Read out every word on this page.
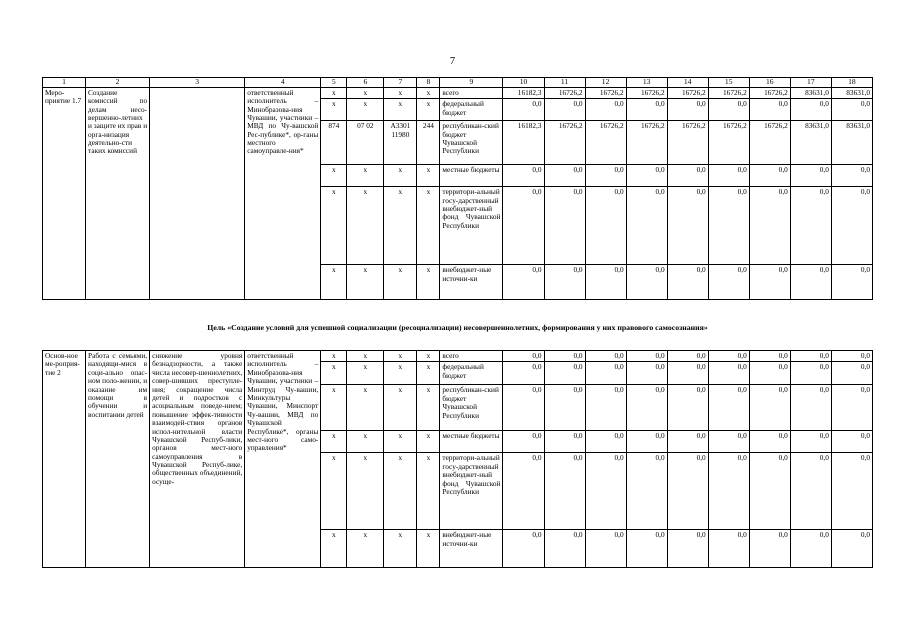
7
1	2	3	4	5	6	7	8	9	10	11	12	13	14	15	16	17	18
Меро-приятие 1.7	Создание комиссий по делам несо-вершенно-летних и защите их прав и орга-низация деятельно-сти таких комиссий		ответственный исполнитель – Минобразова-ния Чувашии, участники – МВД по Чу-вашской Рес-публике*, ор-ганы местного самоуправле-ния*	х	х	х	х	всего	16182,3	16726,2	16726,2	16726,2	16726,2	16726,2	16726,2	83631,0	83631,0
				х	х	х	х	федеральный бюджет	0,0	0,0	0,0	0,0	0,0	0,0	0,0	0,0	0,0
				874	07 02	А3301 11980	244	республикан-ский бюджет Чувашской Республики	16182,3	16726,2	16726,2	16726,2	16726,2	16726,2	16726,2	83631,0	83631,0
				х	х	х	х	местные бюджеты	0,0	0,0	0,0	0,0	0,0	0,0	0,0	0,0	0,0
				х	х	х	х	территори-альный госу-дарственный внебюджет-ный фонд Чувашской Республики	0,0	0,0	0,0	0,0	0,0	0,0	0,0	0,0	0,0
				х	х	х	х	внебюджет-ные источни-ки	0,0	0,0	0,0	0,0	0,0	0,0	0,0	0,0	0,0
Цель «Создание условий для успешной социализации (ресоциализации) несовершеннолетних, формирования у них правового самосознания»
Основ-ное ме-роприя-тие 2	Работа с семьями, находящи-мися в соци-ально опас-ном поло-жении, и оказание им помощи в обучении и воспитании детей	снижение уровня безнадзорности, а также числа несовер-шеннолетних, совер-шивших преступле-ния; сокращение числа детей и подростков с асоциальным поведе-нием; повышение эффек-тивности взаимодей-ствия органов испол-нительной власти Чувашской Респуб-лики, органов мест-ного самоуправления в Чувашской Респуб-лике, общественных объединений, осуще-	ответственный исполнитель – Минобразова-ния Чувашии, участники – Минтруд Чу-вашии, Минкультуры Чувашии, Минспорт Чу-вашии, МВД по Чувашской Республике*, органы мест-ного само-управления*	х	х	х	х	всего	0,0	0,0	0,0	0,0	0,0	0,0	0,0	0,0	0,0
				х	х	х	х	федеральный бюджет	0,0	0,0	0,0	0,0	0,0	0,0	0,0	0,0	0,0
				х	х	х	х	республикан-ский бюджет Чувашской Республики	0,0	0,0	0,0	0,0	0,0	0,0	0,0	0,0	0,0
				х	х	х	х	местные бюджеты	0,0	0,0	0,0	0,0	0,0	0,0	0,0	0,0	0,0
				х	х	х	х	территори-альный госу-дарственный внебюджет-ный фонд Чувашской Республики	0,0	0,0	0,0	0,0	0,0	0,0	0,0	0,0	0,0
				х	х	х	х	внебюджет-ные источни-ки	0,0	0,0	0,0	0,0	0,0	0,0	0,0	0,0	0,0
